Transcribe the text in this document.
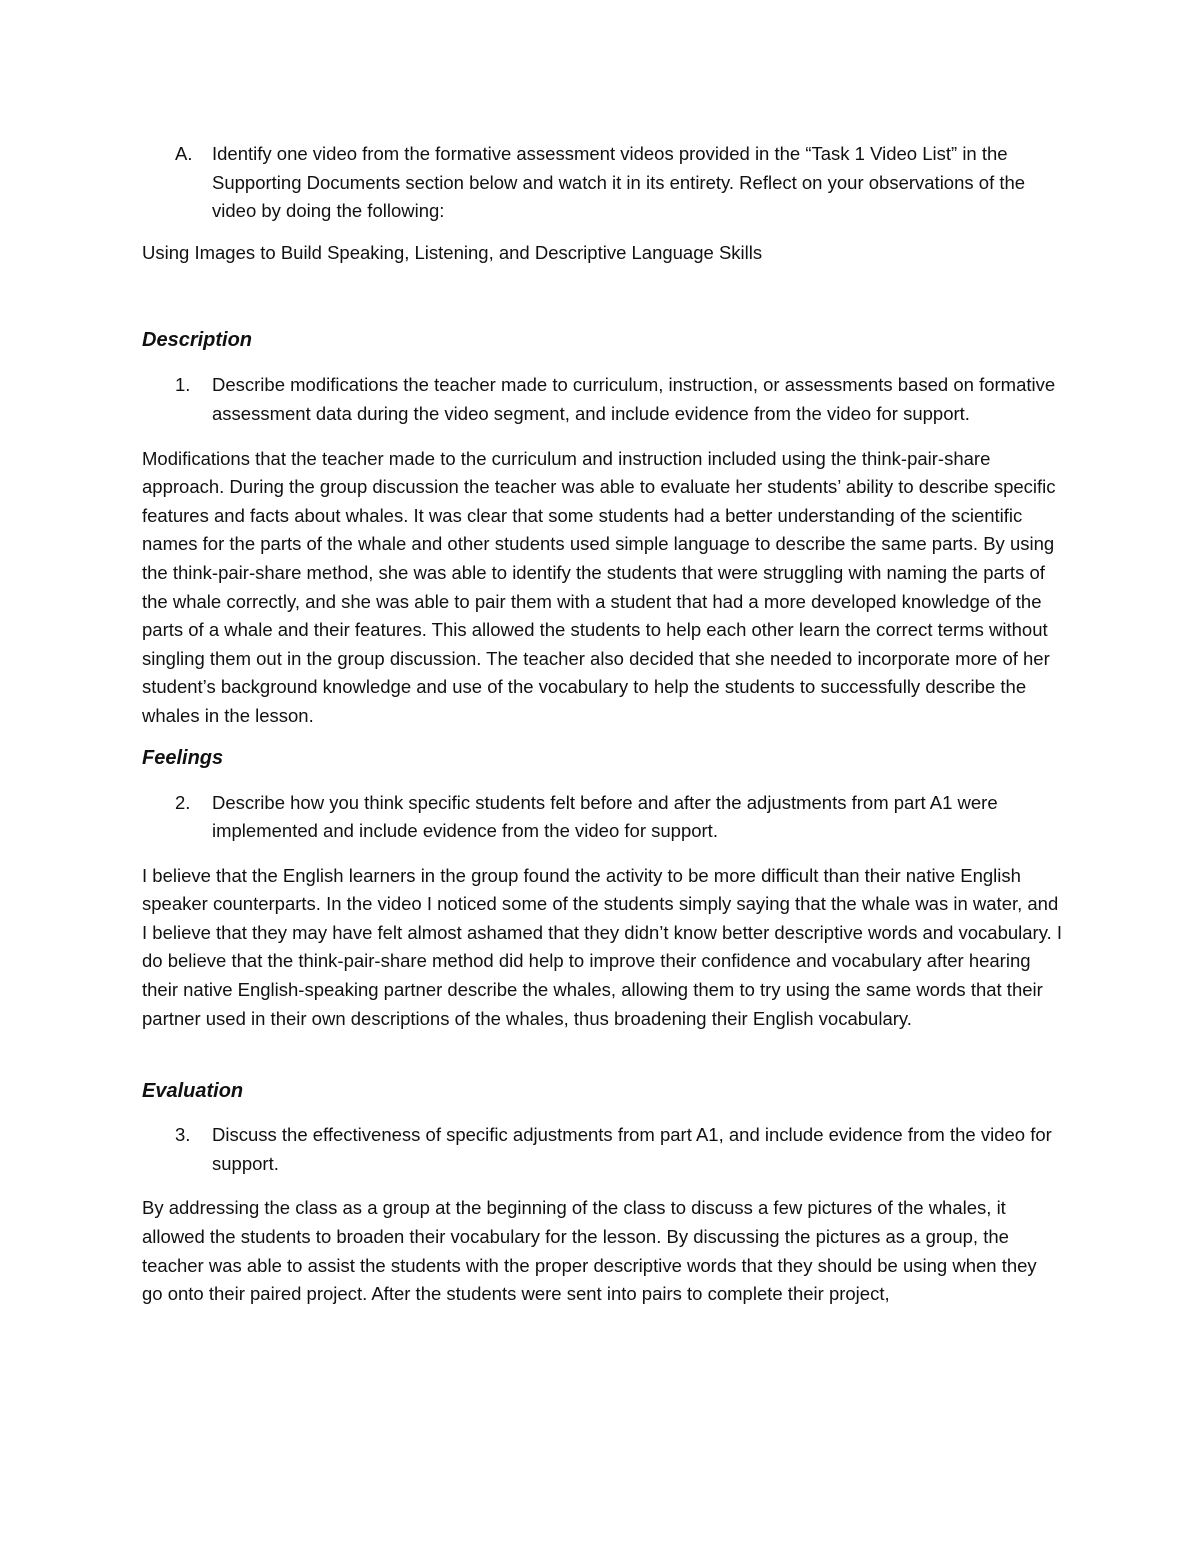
A. Identify one video from the formative assessment videos provided in the “Task 1 Video List” in the Supporting Documents section below and watch it in its entirety. Reflect on your observations of the video by doing the following:

Using Images to Build Speaking, Listening, and Descriptive Language Skills

Description
1. Describe modifications the teacher made to curriculum, instruction, or assessments based on formative assessment data during the video segment, and include evidence from the video for support.

Modifications that the teacher made to the curriculum and instruction included using the think-pair-share approach. During the group discussion the teacher was able to evaluate her students’ ability to describe specific features and facts about whales. It was clear that some students had a better understanding of the scientific names for the parts of the whale and other students used simple language to describe the same parts. By using the think-pair-share method, she was able to identify the students that were struggling with naming the parts of the whale correctly, and she was able to pair them with a student that had a more developed knowledge of the parts of a whale and their features. This allowed the students to help each other learn the correct terms without singling them out in the group discussion. The teacher also decided that she needed to incorporate more of her student’s background knowledge and use of the vocabulary to help the students to successfully describe the whales in the lesson.

Feelings
2. Describe how you think specific students felt before and after the adjustments from part A1 were implemented and include evidence from the video for support.

I believe that the English learners in the group found the activity to be more difficult than their native English speaker counterparts. In the video I noticed some of the students simply saying that the whale was in water, and I believe that they may have felt almost ashamed that they didn’t know better descriptive words and vocabulary. I do believe that the think-pair-share method did help to improve their confidence and vocabulary after hearing their native English-speaking partner describe the whales, allowing them to try using the same words that their partner used in their own descriptions of the whales, thus broadening their English vocabulary.

Evaluation
3. Discuss the effectiveness of specific adjustments from part A1, and include evidence from the video for support.

By addressing the class as a group at the beginning of the class to discuss a few pictures of the whales, it allowed the students to broaden their vocabulary for the lesson. By discussing the pictures as a group, the teacher was able to assist the students with the proper descriptive words that they should be using when they go onto their paired project. After the students were sent into pairs to complete their project,
